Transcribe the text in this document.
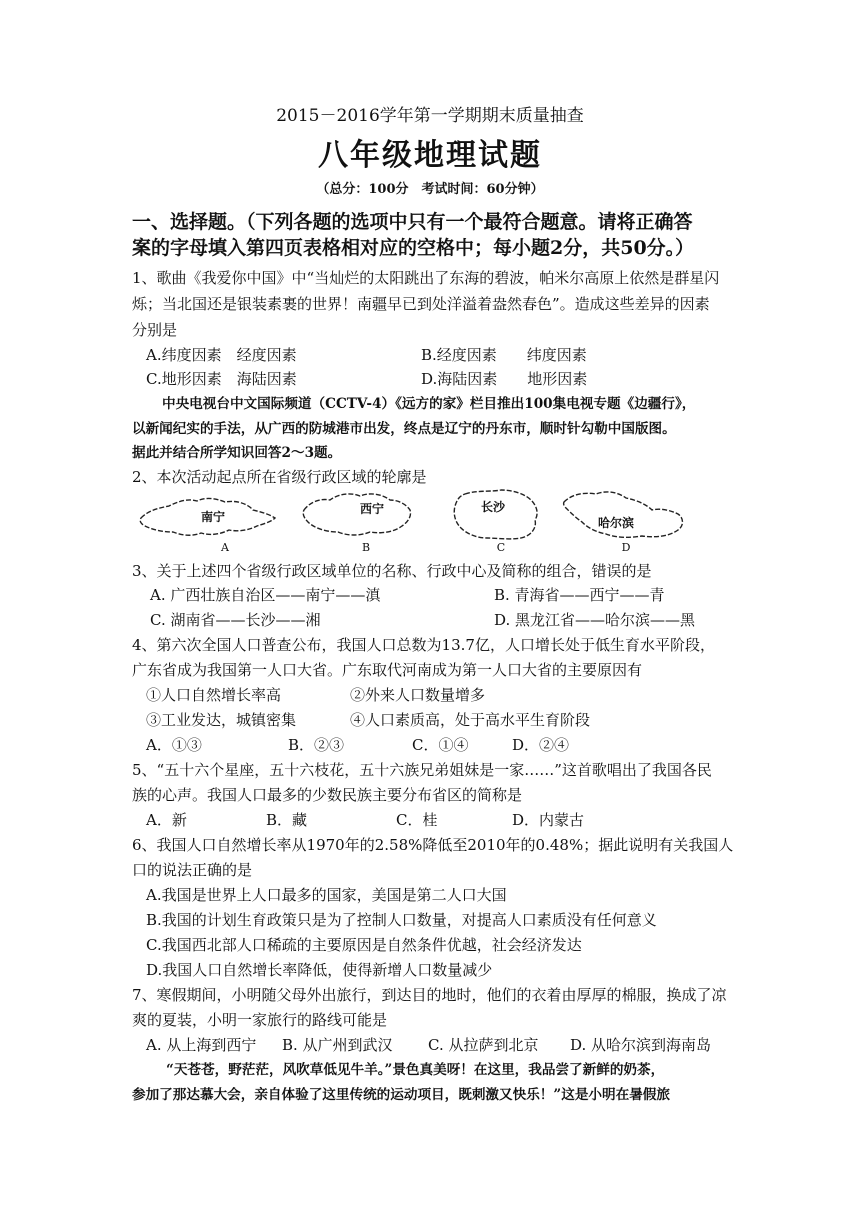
2015－2016学年第一学期期末质量抽查
八年级地理试题
（总分：100分　考试时间：60分钟）
一、选择题。（下列各题的选项中只有一个最符合题意。请将正确答
案的字母填入第四页表格相对应的空格中；每小题2分，共50分。）
1、歌曲《我爱你中国》中“当灿烂的太阳跳出了东海的碧波，帕米尔高原上依然是群星闪
烁；当北国还是银装素裹的世界！南疆早已到处洋溢着盎然春色”。造成这些差异的因素
分别是
A.纬度因素　经度因素	B.经度因素　　纬度因素
C.地形因素　海陆因素	D.海陆因素　　地形因素
中央电视台中文国际频道（CCTV-4）《远方的家》栏目推出100集电视专题《边疆行》，
以新闻纪实的手法，从广西的防城港市出发，终点是辽宁的丹东市，顺时针勾勒中国版图。
据此并结合所学知识回答2～3题。
2、本次活动起点所在省级行政区域的轮廓是
南宁
A
西宁
B
长沙
C
哈尔滨
D
3、关于上述四个省级行政区域单位的名称、行政中心及简称的组合，错误的是
A. 广西壮族自治区——南宁——滇	B. 青海省——西宁——青
C. 湖南省——长沙——湘	D. 黑龙江省——哈尔滨——黑
4、第六次全国人口普查公布，我国人口总数为13.7亿，人口增长处于低生育水平阶段，
广东省成为我国第一人口大省。广东取代河南成为第一人口大省的主要原因有
①人口自然增长率高	②外来人口数量增多
③工业发达，城镇密集	④人口素质高，处于高水平生育阶段
A．①③	B．②③	C．①④	D．②④
5、“五十六个星座，五十六枝花，五十六族兄弟姐妹是一家……”这首歌唱出了我国各民
族的心声。我国人口最多的少数民族主要分布省区的简称是
A．新	B．藏	C．桂	D．内蒙古
6、我国人口自然增长率从1970年的2.58%降低至2010年的0.48%；据此说明有关我国人
口的说法正确的是
A.我国是世界上人口最多的国家，美国是第二人口大国
B.我国的计划生育政策只是为了控制人口数量，对提高人口素质没有任何意义
C.我国西北部人口稀疏的主要原因是自然条件优越，社会经济发达
D.我国人口自然增长率降低，使得新增人口数量减少
7、寒假期间，小明随父母外出旅行，到达目的地时，他们的衣着由厚厚的棉服，换成了凉
爽的夏装，小明一家旅行的路线可能是
A. 从上海到西宁 B. 从广州到武汉 C. 从拉萨到北京 D. 从哈尔滨到海南岛
“天苍苍，野茫茫，风吹草低见牛羊。”景色真美呀！在这里，我品尝了新鲜的奶茶，
参加了那达慕大会，亲自体验了这里传统的运动项目，既刺激又快乐！”这是小明在暑假旅
